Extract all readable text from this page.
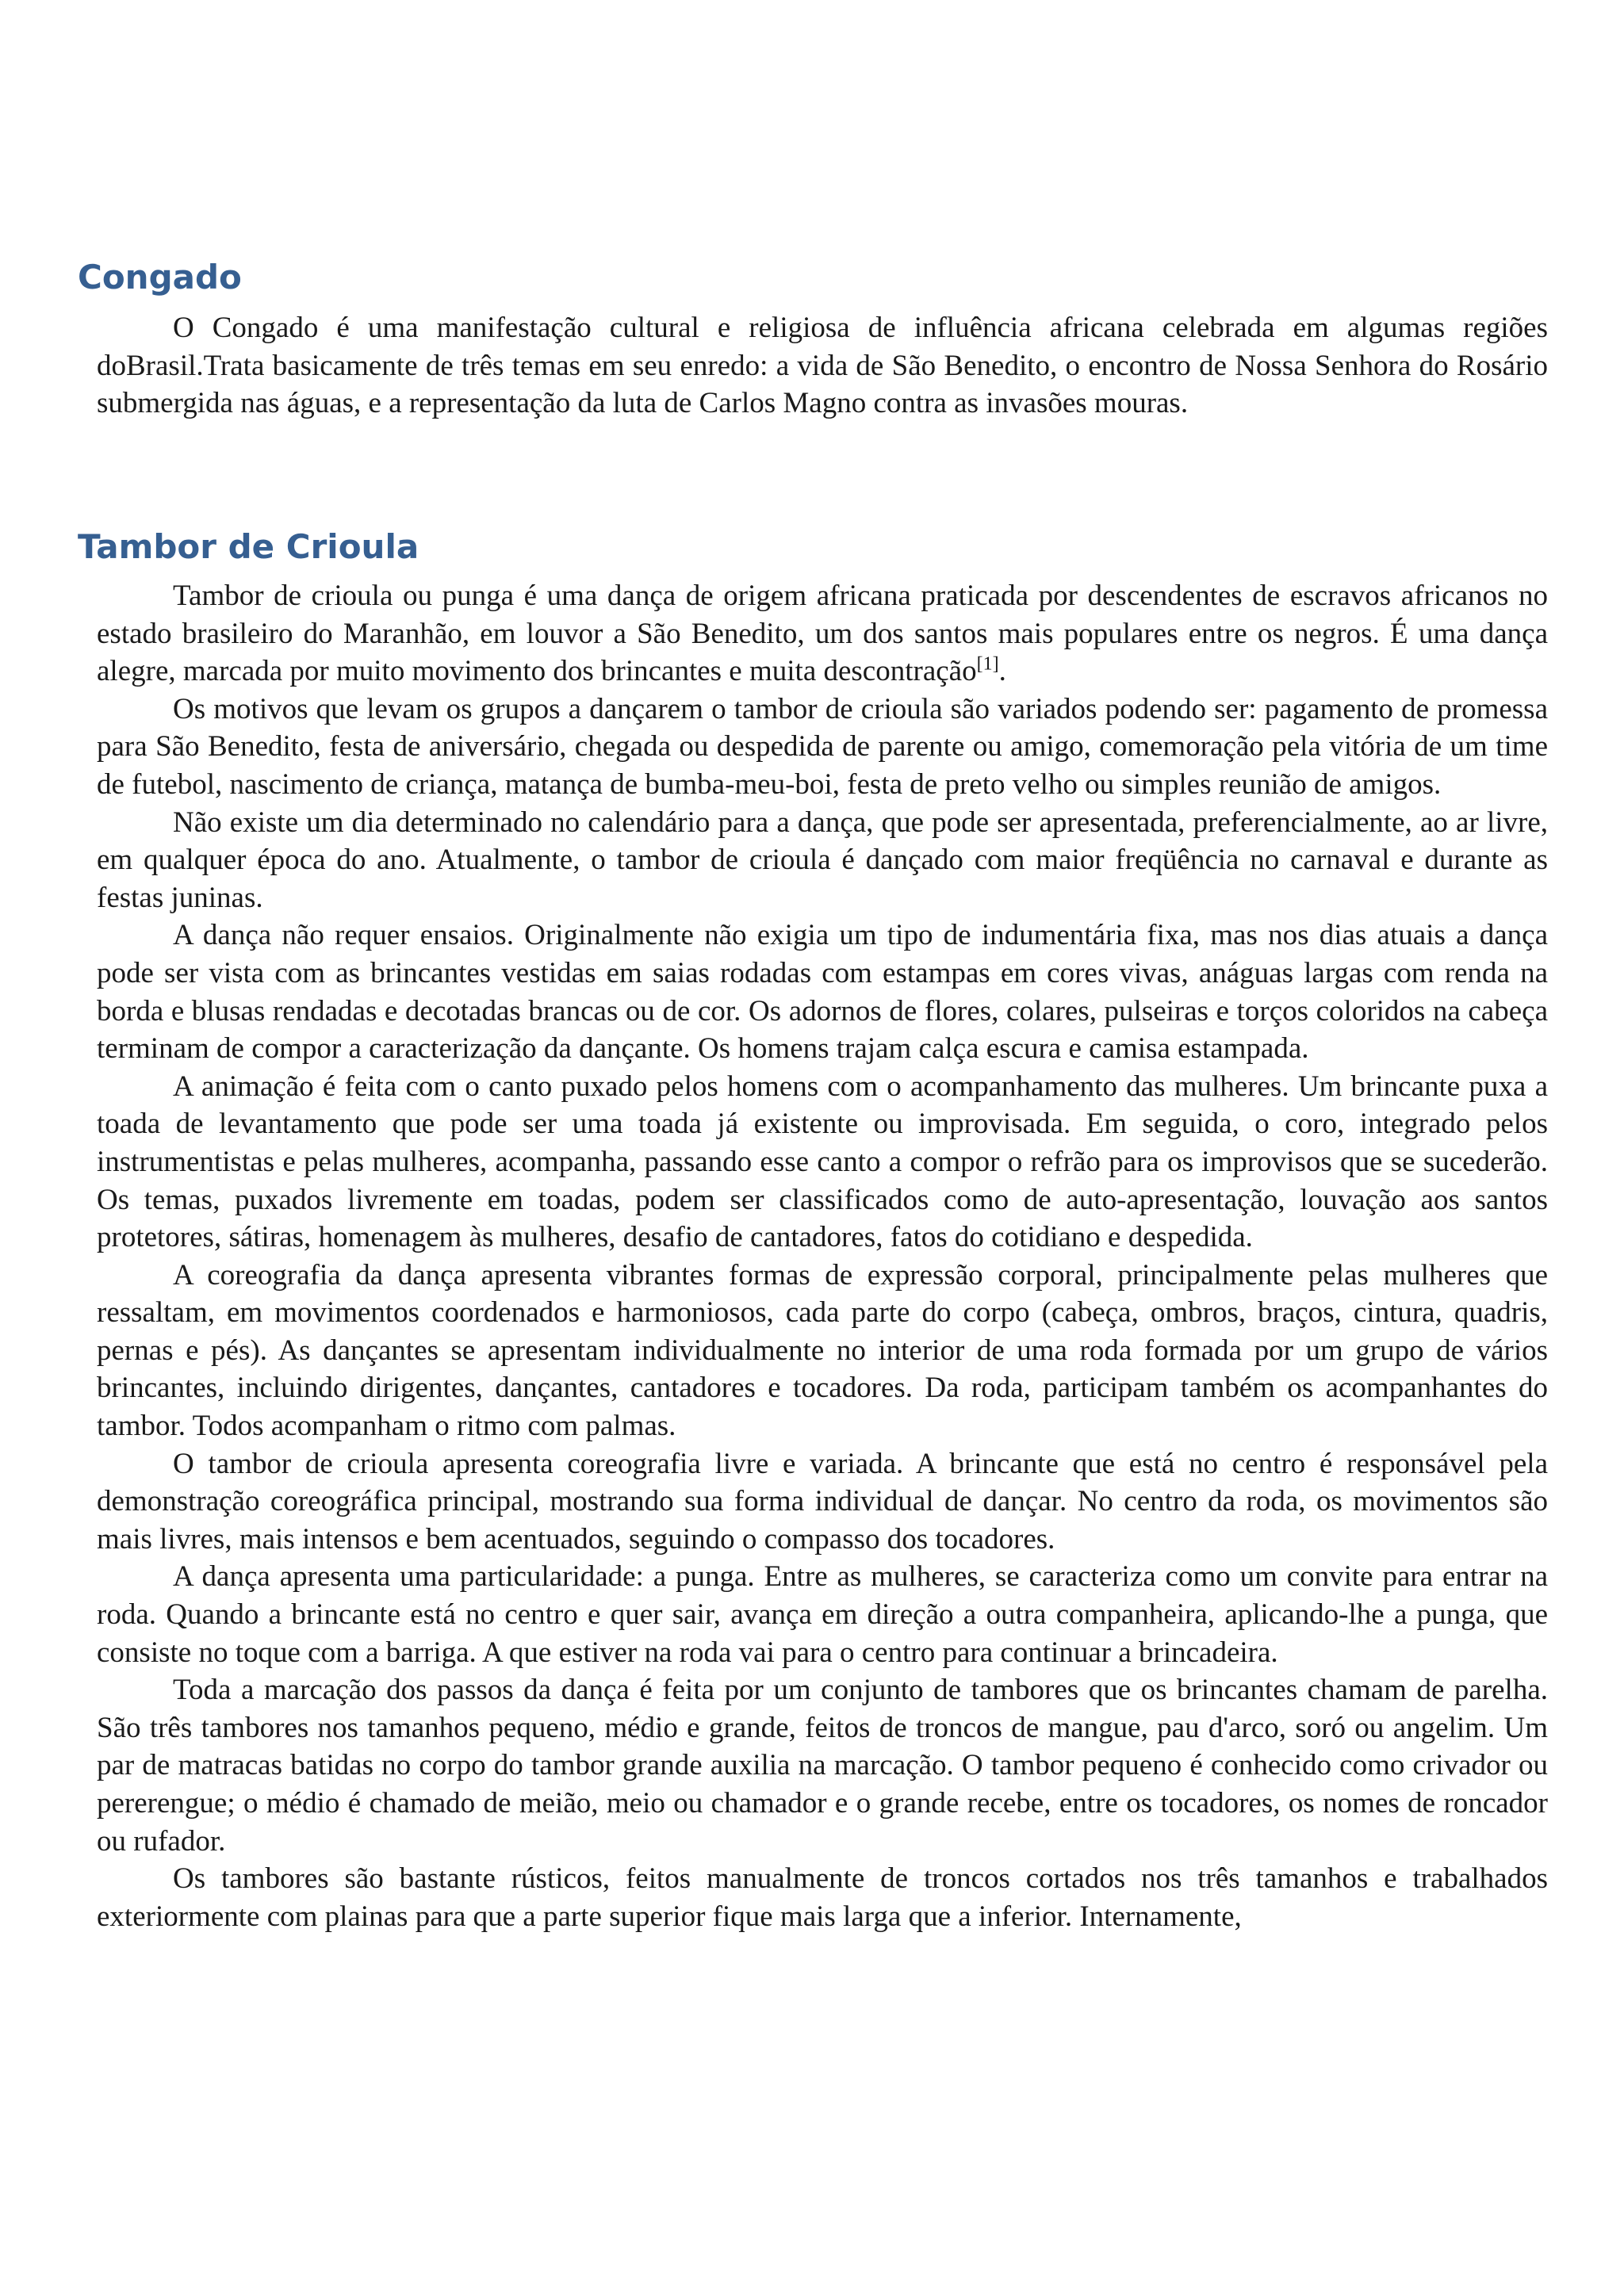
Congado

O Congado é uma manifestação cultural e religiosa de influência africana celebrada em algumas regiões doBrasil.Trata basicamente de três temas em seu enredo: a vida de São Benedito, o encontro de Nossa Senhora do Rosário submergida nas águas, e a representação da luta de Carlos Magno contra as invasões mouras.

Tambor de Crioula

Tambor de crioula ou punga é uma dança de origem africana praticada por descendentes de escravos africanos no estado brasileiro do Maranhão, em louvor a São Benedito, um dos santos mais populares entre os negros. É uma dança alegre, marcada por muito movimento dos brincantes e muita descontração[1].

Os motivos que levam os grupos a dançarem o tambor de crioula são variados podendo ser: pagamento de promessa para São Benedito, festa de aniversário, chegada ou despedida de parente ou amigo, comemoração pela vitória de um time de futebol, nascimento de criança, matança de bumba-meu-boi, festa de preto velho ou simples reunião de amigos.

Não existe um dia determinado no calendário para a dança, que pode ser apresentada, preferencialmente, ao ar livre, em qualquer época do ano. Atualmente, o tambor de crioula é dançado com maior freqüência no carnaval e durante as festas juninas.

A dança não requer ensaios. Originalmente não exigia um tipo de indumentária fixa, mas nos dias atuais a dança pode ser vista com as brincantes vestidas em saias rodadas com estampas em cores vivas, anáguas largas com renda na borda e blusas rendadas e decotadas brancas ou de cor. Os adornos de flores, colares, pulseiras e torços coloridos na cabeça terminam de compor a caracterização da dançante. Os homens trajam calça escura e camisa estampada.

A animação é feita com o canto puxado pelos homens com o acompanhamento das mulheres. Um brincante puxa a toada de levantamento que pode ser uma toada já existente ou improvisada. Em seguida, o coro, integrado pelos instrumentistas e pelas mulheres, acompanha, passando esse canto a compor o refrão para os improvisos que se sucederão. Os temas, puxados livremente em toadas, podem ser classificados como de auto-apresentação, louvação aos santos protetores, sátiras, homenagem às mulheres, desafio de cantadores, fatos do cotidiano e despedida.

A coreografia da dança apresenta vibrantes formas de expressão corporal, principalmente pelas mulheres que ressaltam, em movimentos coordenados e harmoniosos, cada parte do corpo (cabeça, ombros, braços, cintura, quadris, pernas e pés). As dançantes se apresentam individualmente no interior de uma roda formada por um grupo de vários brincantes, incluindo dirigentes, dançantes, cantadores e tocadores. Da roda, participam também os acompanhantes do tambor. Todos acompanham o ritmo com palmas.

O tambor de crioula apresenta coreografia livre e variada. A brincante que está no centro é responsável pela demonstração coreográfica principal, mostrando sua forma individual de dançar. No centro da roda, os movimentos são mais livres, mais intensos e bem acentuados, seguindo o compasso dos tocadores.

A dança apresenta uma particularidade: a punga. Entre as mulheres, se caracteriza como um convite para entrar na roda. Quando a brincante está no centro e quer sair, avança em direção a outra companheira, aplicando-lhe a punga, que consiste no toque com a barriga. A que estiver na roda vai para o centro para continuar a brincadeira.

Toda a marcação dos passos da dança é feita por um conjunto de tambores que os brincantes chamam de parelha. São três tambores nos tamanhos pequeno, médio e grande, feitos de troncos de mangue, pau d'arco, soró ou angelim. Um par de matracas batidas no corpo do tambor grande auxilia na marcação. O tambor pequeno é conhecido como crivador ou pererengue; o médio é chamado de meião, meio ou chamador e o grande recebe, entre os tocadores, os nomes de roncador ou rufador.

Os tambores são bastante rústicos, feitos manualmente de troncos cortados nos três tamanhos e trabalhados exteriormente com plainas para que a parte superior fique mais larga que a inferior. Internamente,
